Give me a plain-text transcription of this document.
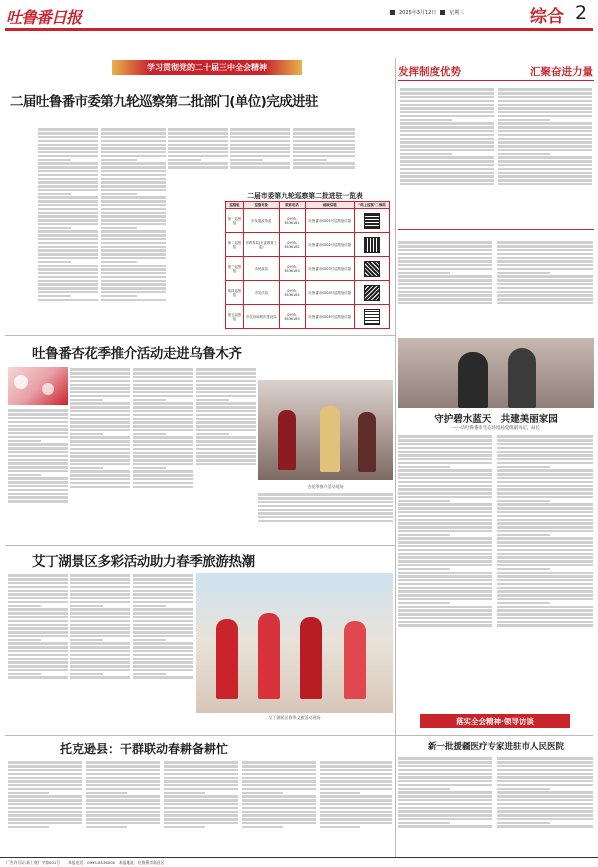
吐鲁番日报	2025年3月12日	星期三	综合 2
学习贯彻党的二十届三中全会精神
二届吐鲁番市委第九轮巡察第二批部门(单位)完成进驻
二届市委第九轮巡察第二批进驻一览表
巡察组	巡察对象	联系电话	邮政信箱	"码上巡察"二维码
第一巡察组	市发展改革委	0995-8536181	吐鲁番市0001号巡察组信箱	

第二巡察组	市教育局(市委教育工委)	0995-8536182	吐鲁番市0002号巡察组信箱	

第三巡察组	市民政局	0995-8536183	吐鲁番市0003号巡察组信箱	

第四巡察组	市司法局	0995-8536184	吐鲁番市0004号巡察组信箱	

第五巡察组	市住房和城乡建设局	0995-8536185	吐鲁番市0005号巡察组信箱	
发挥制度优势	汇聚奋进力量
吐鲁番杏花季推介活动走进乌鲁木齐
杏花季推介活动现场
守护碧水蓝天　共建美丽家园
——访吐鲁番市生态环境局党组副书记、局长
艾丁湖景区多彩活动助力春季旅游热潮
艾丁湖景区春季文旅活动现场	落实全会精神·领导访谈
托克逊县：干群联动春耕备耕忙	新一批援疆医疗专家进驻市人民医院
广告许可证:新工商广字第001号 本报电话：0995-8536000　本报地址：吐鲁番市高昌区
